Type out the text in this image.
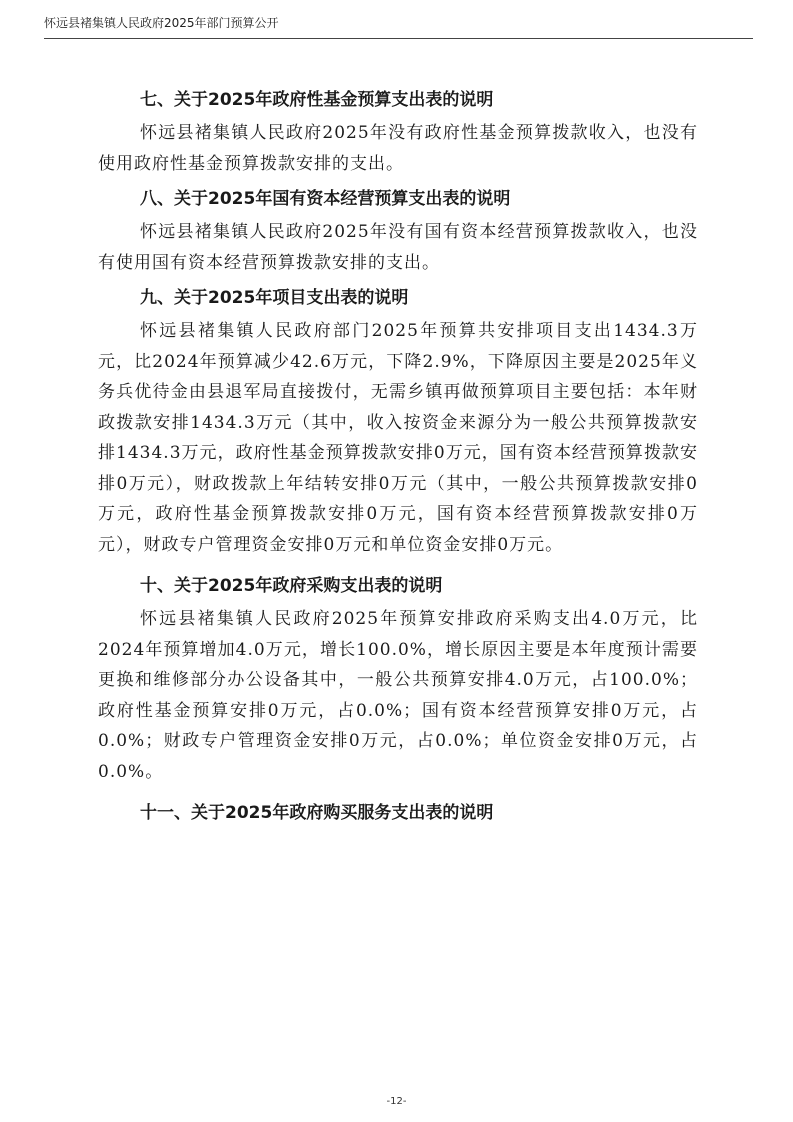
怀远县褚集镇人民政府2025年部门预算公开
七、关于2025年政府性基金预算支出表的说明

怀远县褚集镇人民政府2025年没有政府性基金预算拨款收入，也没有使用政府性基金预算拨款安排的支出。

八、关于2025年国有资本经营预算支出表的说明

怀远县褚集镇人民政府2025年没有国有资本经营预算拨款收入，也没有使用国有资本经营预算拨款安排的支出。

九、关于2025年项目支出表的说明

怀远县褚集镇人民政府部门2025年预算共安排项目支出1434.3万元，比2024年预算减少42.6万元，下降2.9%，下降原因主要是2025年义务兵优待金由县退军局直接拨付，无需乡镇再做预算项目主要包括：本年财政拨款安排1434.3万元（其中，收入按资金来源分为一般公共预算拨款安排1434.3万元，政府性基金预算拨款安排0万元，国有资本经营预算拨款安排0万元），财政拨款上年结转安排0万元（其中，一般公共预算拨款安排0万元，政府性基金预算拨款安排0万元，国有资本经营预算拨款安排0万元），财政专户管理资金安排0万元和单位资金安排0万元。

十、关于2025年政府采购支出表的说明

怀远县褚集镇人民政府2025年预算安排政府采购支出4.0万元，比2024年预算增加4.0万元，增长100.0%，增长原因主要是本年度预计需要更换和维修部分办公设备其中，一般公共预算安排4.0万元，占100.0%；政府性基金预算安排0万元，占0.0%；国有资本经营预算安排0万元，占0.0%；财政专户管理资金安排0万元，占0.0%；单位资金安排0万元，占0.0%。

十一、关于2025年政府购买服务支出表的说明
-12-
